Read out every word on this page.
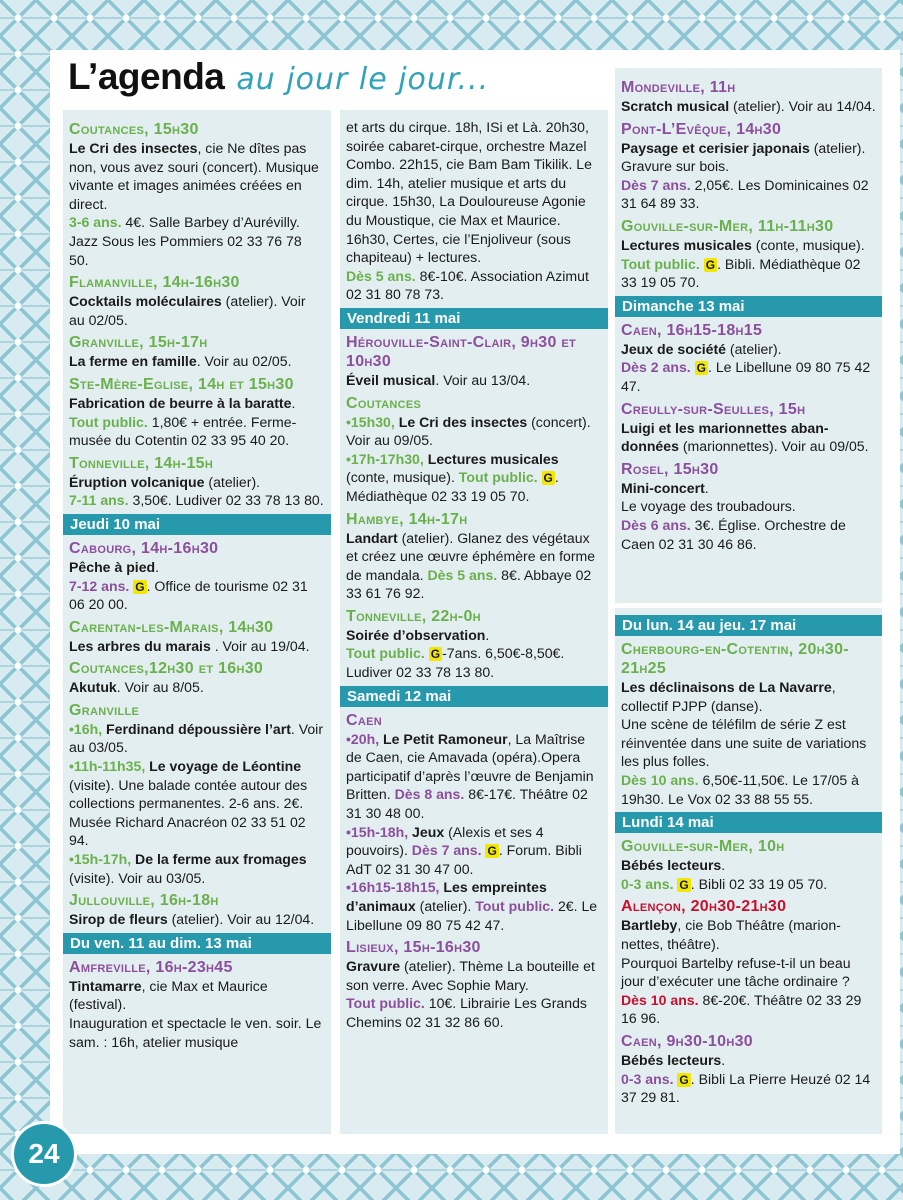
L’agenda au jour le jour...

Coutances, 15h30

Le Cri des insectes, cie Ne dîtes pas non, vous avez souri (concert). Musique vivante et images animées créées en direct.
3-6 ans. 4€. Salle Barbey d’Aurévilly. Jazz Sous les Pommiers 02 33 76 78 50.

Flamanville, 14h-16h30

Cocktails moléculaires (atelier). Voir au 02/05.

Granville, 15h-17h

La ferme en famille. Voir au 02/05.

Ste-Mère-Eglise, 14h et 15h30

Fabrication de beurre à la baratte.
Tout public. 1,80€ + entrée. Ferme-musée du Cotentin 02 33 95 40 20.

Tonneville, 14h-15h

Éruption volcanique (atelier).
7-11 ans. 3,50€. Ludiver 02 33 78 13 80.

Jeudi 10 mai

Cabourg, 14h-16h30

Pêche à pied.
7-12 ans. G . Office de tourisme 02 31 06 20 00.

Carentan-les-Marais, 14h30

Les arbres du marais . Voir au 19/04.

Coutances,12h30 et 16h30

Akutuk. Voir au 8/05.

Granville

•16h, Ferdinand dépoussière l’art. Voir au 03/05.

•11h-11h35, Le voyage de Léontine (visite). Une balade contée autour des collections permanentes. 2-6 ans. 2€. Musée Richard Anacréon 02 33 51 02 94.

•15h-17h, De la ferme aux fromages (visite). Voir au 03/05.

Jullouville, 16h-18h

Sirop de fleurs (atelier). Voir au 12/04.

Du ven. 11 au dim. 13 mai

Amfreville, 16h-23h45

Tintamarre, cie Max et Maurice (festival).

Inauguration et spectacle le ven. soir. Le sam. : 16h, atelier musique

et arts du cirque. 18h, ISi et Là. 20h30, soirée cabaret-cirque, orchestre Mazel Combo. 22h15, cie Bam Bam Tikilik. Le dim. 14h, atelier musique et arts du cirque. 15h30, La Douloureuse Agonie du Moustique, cie Max et Maurice. 16h30, Certes, cie l’Enjoliveur (sous chapiteau) + lectures.
Dès 5 ans. 8€-10€. Association Azimut 02 31 80 78 73.

Vendredi 11 mai

Hérouville-Saint-Clair, 9h30 et 10h30

Éveil musical. Voir au 13/04.

Coutances

•15h30, Le Cri des insectes (concert). Voir au 09/05.

•17h-17h30, Lectures musicales (conte, musique). Tout public. G . Médiathèque 02 33 19 05 70.

Hambye, 14h-17h

Landart (atelier). Glanez des végétaux et créez une œuvre éphémère en forme de mandala. Dès 5 ans. 8€. Abbaye 02 33 61 76 92.

Tonneville, 22h-0h

Soirée d’observation.
Tout public. G -7ans. 6,50€-8,50€. Ludiver 02 33 78 13 80.

Samedi 12 mai

Caen

•20h, Le Petit Ramoneur, La Maîtrise de Caen, cie Amavada (opéra).Opera participatif d’après l’œuvre de Benjamin Britten. Dès 8 ans. 8€-17€. Théâtre 02 31 30 48 00.

•15h-18h, Jeux (Alexis et ses 4 pouvoirs). Dès 7 ans. G . Forum. Bibli AdT 02 31 30 47 00.

•16h15-18h15, Les empreintes d’animaux (atelier). Tout public. 2€. Le Libellune 09 80 75 42 47.

Lisieux, 15h-16h30

Gravure (atelier). Thème La bouteille et son verre. Avec Sophie Mary.
Tout public. 10€. Librairie Les Grands Chemins 02 31 32 86 60.

Mondeville, 11h

Scratch musical (atelier). Voir au 14/04.

Pont-L’Evêque, 14h30

Paysage et cerisier japonais (atelier). Gravure sur bois.
Dès 7 ans. 2,05€. Les Dominicaines 02 31 64 89 33.

Gouville-sur-Mer, 11h-11h30

Lectures musicales (conte, musique).
Tout public. G . Bibli. Médiathèque 02 33 19 05 70.

Dimanche 13 mai

Caen, 16h15-18h15

Jeux de société (atelier).
Dès 2 ans. G . Le Libellune 09 80 75 42 47.

Creully-sur-Seulles, 15h

Luigi et les marionnettes aban-données (marionnettes). Voir au 09/05.

Rosel, 15h30

Mini-concert.

Le voyage des troubadours.

Dès 6 ans. 3€. Église. Orchestre de Caen 02 31 30 46 86.

Du lun. 14 au jeu. 17 mai

Cherbourg-en-Cotentin, 20h30-21h25

Les déclinaisons de La Navarre, collectif PJPP (danse).

Une scène de téléfilm de série Z est réinventée dans une suite de variations les plus folles.

Dès 10 ans. 6,50€-11,50€. Le 17/05 à 19h30. Le Vox 02 33 88 55 55.

Lundi 14 mai

Gouville-sur-Mer, 10h

Bébés lecteurs.
0-3 ans. G . Bibli 02 33 19 05 70.

Alençon, 20h30-21h30

Bartleby, cie Bob Théâtre (marion-nettes, théâtre).

Pourquoi Bartelby refuse-t-il un beau jour d’exécuter une tâche ordinaire ?

Dès 10 ans. 8€-20€. Théâtre 02 33 29 16 96.

Caen, 9h30-10h30

Bébés lecteurs.
0-3 ans. G . Bibli La Pierre Heuzé 02 14 37 29 81.

24
